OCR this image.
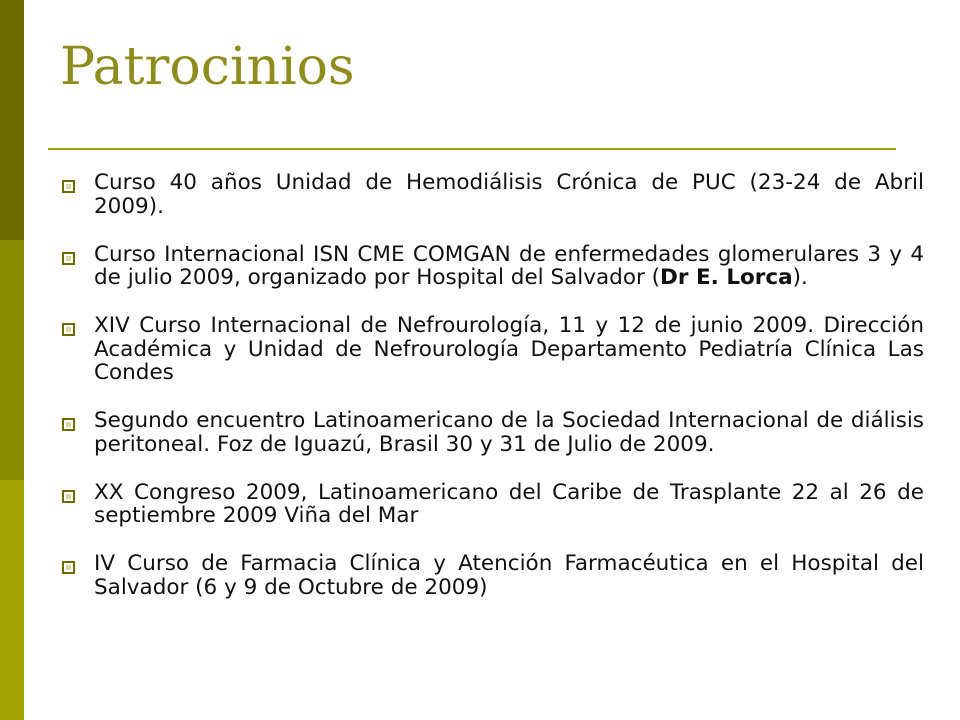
Patrocinios
Curso 40 años Unidad de Hemodiálisis Crónica de PUC (23-24 de Abril 2009).
Curso Internacional ISN CME COMGAN de enfermedades glomerulares 3 y 4 de julio 2009, organizado por Hospital del Salvador (Dr E. Lorca).
XIV Curso Internacional de Nefrourología, 11 y 12 de junio 2009. Dirección Académica y Unidad de Nefrourología Departamento Pediatría Clínica Las Condes
Segundo encuentro Latinoamericano de la Sociedad Internacional de diálisis peritoneal. Foz de Iguazú, Brasil 30 y 31 de Julio de 2009.
XX Congreso 2009, Latinoamericano del Caribe de Trasplante 22 al 26 de septiembre 2009 Viña del Mar
IV Curso de Farmacia Clínica y Atención Farmacéutica en el Hospital del Salvador (6 y 9 de Octubre de 2009)
